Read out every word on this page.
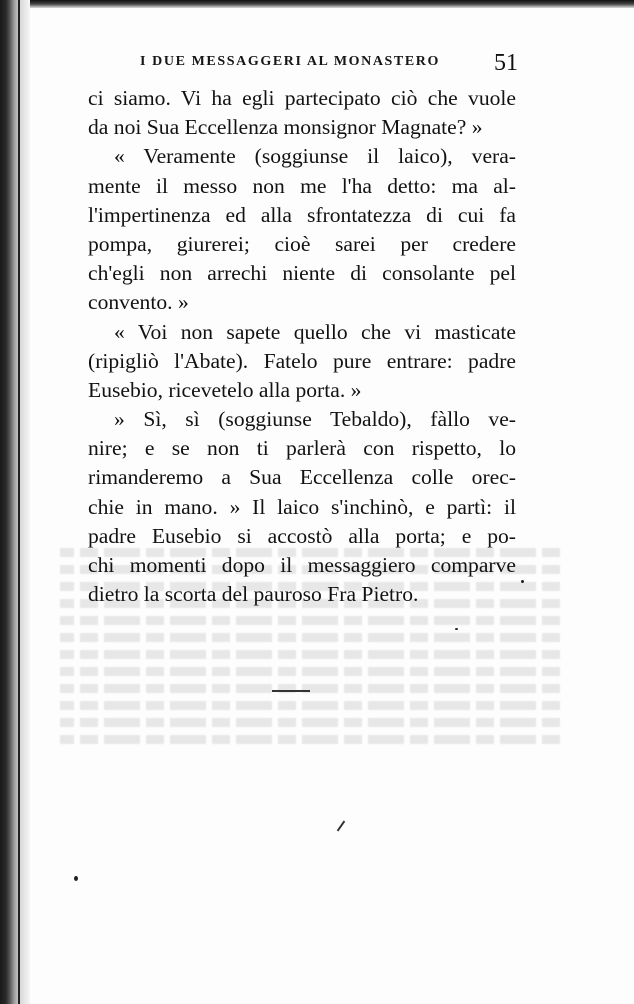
I DUE MESSAGGERI AL MONASTERO 51
ci siamo. Vi ha egli partecipato ciò che vuole
da noi Sua Eccellenza monsignor Magnate? »
« Veramente (soggiunse il laico), vera-
mente il messo non me l'ha detto: ma al-
l'impertinenza ed alla sfrontatezza di cui fa
pompa, giurerei; cioè sarei per credere
ch'egli non arrechi niente di consolante pel
convento. »
« Voi non sapete quello che vi masticate
(ripigliò l'Abate). Fatelo pure entrare: padre
Eusebio, ricevetelo alla porta. »
» Sì, sì (soggiunse Tebaldo), fàllo ve-
nire; e se non ti parlerà con rispetto, lo
rimanderemo a Sua Eccellenza colle orec-
chie in mano. » Il laico s'inchinò, e partì: il
padre Eusebio si accostò alla porta; e po-
chi momenti dopo il messaggiero comparve
dietro la scorta del pauroso Fra Pietro.
